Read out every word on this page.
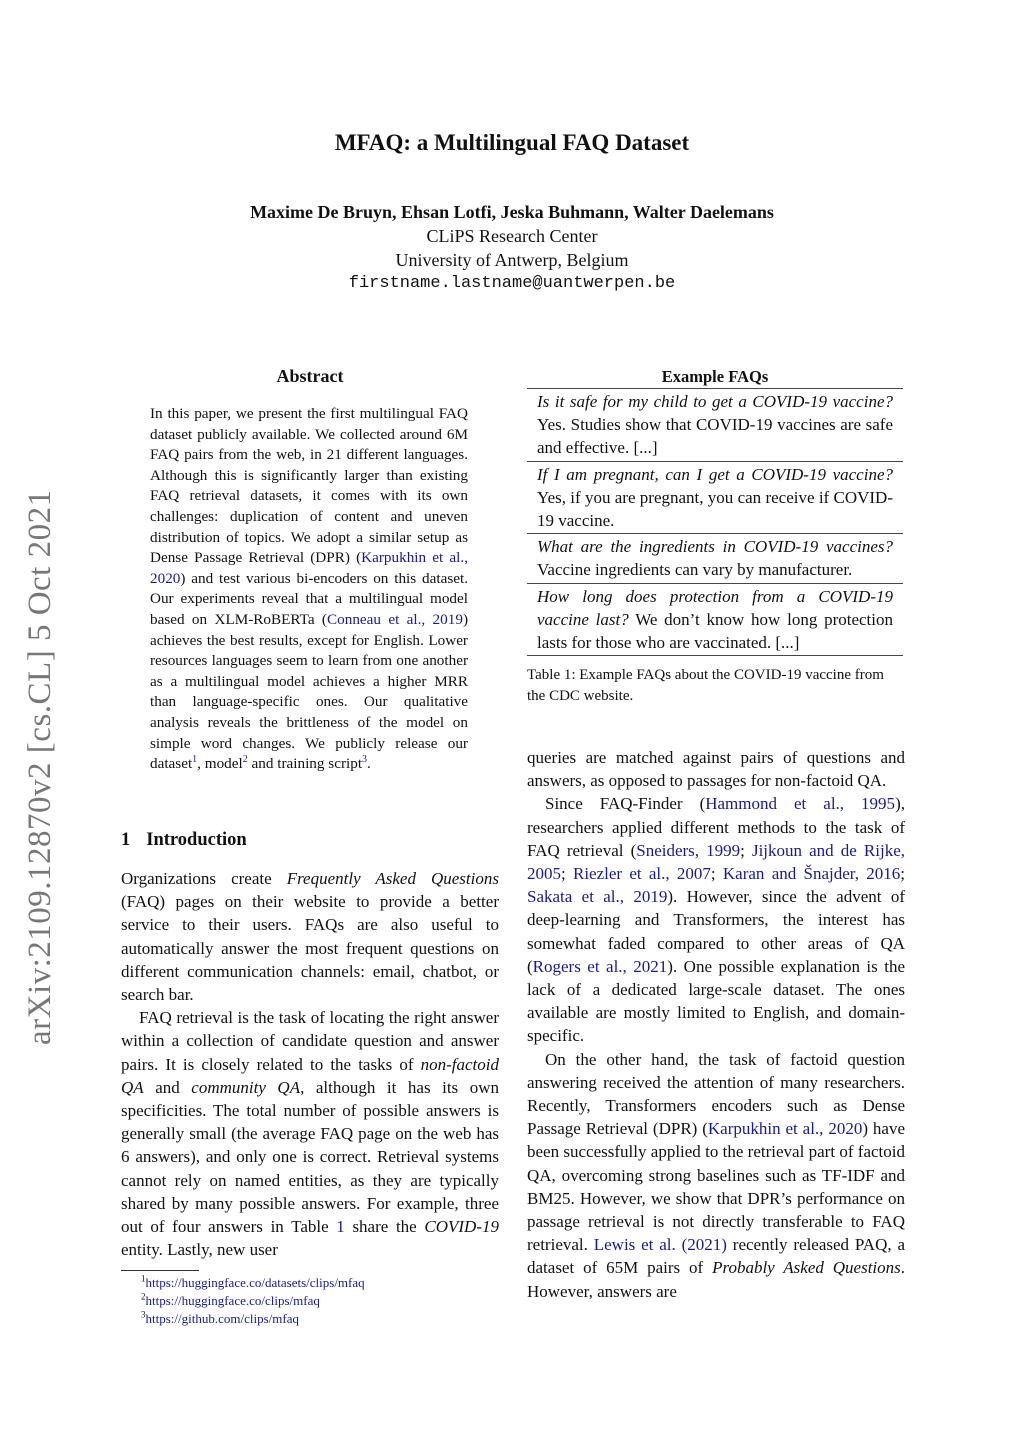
arXiv:2109.12870v2 [cs.CL] 5 Oct 2021
MFAQ: a Multilingual FAQ Dataset
Maxime De Bruyn, Ehsan Lotfi, Jeska Buhmann, Walter Daelemans
CLiPS Research Center
University of Antwerp, Belgium
firstname.lastname@uantwerpen.be
Abstract

In this paper, we present the first multilingual FAQ dataset publicly available. We collected around 6M FAQ pairs from the web, in 21 different languages. Although this is significantly larger than existing FAQ retrieval datasets, it comes with its own challenges: duplication of content and uneven distribution of topics. We adopt a similar setup as Dense Passage Retrieval (DPR) (Karpukhin et al., 2020) and test various bi-encoders on this dataset. Our experiments reveal that a multilingual model based on XLM-RoBERTa (Conneau et al., 2019) achieves the best results, except for English. Lower resources languages seem to learn from one another as a multilingual model achieves a higher MRR than language-specific ones. Our qualitative analysis reveals the brittleness of the model on simple word changes. We publicly release our dataset$^1$, model$^2$ and training script$^3$.

1 Introduction

Organizations create Frequently Asked Questions (FAQ) pages on their website to provide a better service to their users. FAQs are also useful to automatically answer the most frequent questions on different communication channels: email, chatbot, or search bar.

FAQ retrieval is the task of locating the right answer within a collection of candidate question and answer pairs. It is closely related to the tasks of non-factoid QA and community QA, although it has its own specificities. The total number of possible answers is generally small (the average FAQ page on the web has 6 answers), and only one is correct. Retrieval systems cannot rely on named entities, as they are typically shared by many possible answers. For example, three out of four answers in Table 1 share the COVID-19 entity. Lastly, new user

$^1$https://huggingface.co/datasets/clips/mfaq
$^2$https://huggingface.co/clips/mfaq
$^3$https://github.com/clips/mfaq
Example FAQs
Is it safe for my child to get a COVID-19 vaccine? Yes. Studies show that COVID-19 vaccines are safe and effective. [...]
If I am pregnant, can I get a COVID-19 vaccine? Yes, if you are pregnant, you can receive if COVID-19 vaccine.
What are the ingredients in COVID-19 vaccines? Vaccine ingredients can vary by manufacturer.
How long does protection from a COVID-19 vaccine last? We don’t know how long protection lasts for those who are vaccinated. [...]
Table 1: Example FAQs about the COVID-19 vaccine from the CDC website.

queries are matched against pairs of questions and answers, as opposed to passages for non-factoid QA.

Since FAQ-Finder (Hammond et al., 1995), researchers applied different methods to the task of FAQ retrieval (Sneiders, 1999; Jijkoun and de Rijke, 2005; Riezler et al., 2007; Karan and Šnajder, 2016; Sakata et al., 2019). However, since the advent of deep-learning and Transformers, the interest has somewhat faded compared to other areas of QA (Rogers et al., 2021). One possible explanation is the lack of a dedicated large-scale dataset. The ones available are mostly limited to English, and domain-specific.

On the other hand, the task of factoid question answering received the attention of many researchers. Recently, Transformers encoders such as Dense Passage Retrieval (DPR) (Karpukhin et al., 2020) have been successfully applied to the retrieval part of factoid QA, overcoming strong baselines such as TF-IDF and BM25. However, we show that DPR’s performance on passage retrieval is not directly transferable to FAQ retrieval. Lewis et al. (2021) recently released PAQ, a dataset of 65M pairs of Probably Asked Questions. However, answers are
